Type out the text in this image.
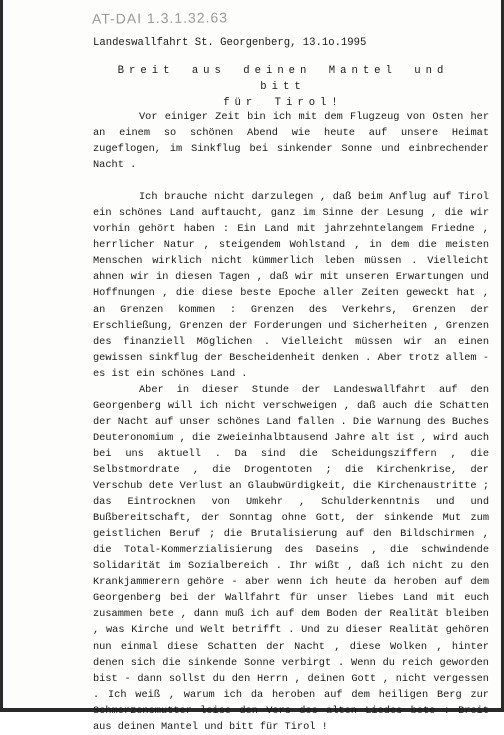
AT-DAI 1.3.1.32.63
Landeswallfahrt St. Georgenberg, 13.1o.1995
Breit aus deinen Mantel und bitt
für Tirol!

Vor einiger Zeit bin ich mit dem Flugzeug von Osten her an einem so schönen Abend wie heute auf unsere Heimat zugeflogen, im Sinkflug bei sinkender Sonne und einbrechender Nacht .

Ich brauche nicht darzulegen , daß beim Anflug auf Tirol ein schönes Land auftaucht, ganz im Sinne der Lesung , die wir vorhin gehört haben : Ein Land mit jahrzehntelangem Friedne , herrlicher Natur , steigendem Wohlstand , in dem die meisten Menschen wirklich nicht kümmerlich leben müssen . Vielleicht ahnen wir in diesen Tagen , daß wir mit unseren Erwartungen und Hoffnungen , die diese beste Epoche aller Zeiten geweckt hat , an Grenzen kommen : Grenzen des Verkehrs, Grenzen der Erschließung, Grenzen der Forderungen und Sicherheiten , Grenzen des finanziell Möglichen . Vielleicht müssen wir an einen gewissen sinkflug der Bescheidenheit denken . Aber trotz allem - es ist ein schönes Land .

Aber in dieser Stunde der Landeswallfahrt auf den Georgenberg will ich nicht verschweigen , daß auch die Schatten der Nacht auf unser schönes Land fallen . Die Warnung des Buches Deuteronomium , die zweieinhalbtausend Jahre alt ist , wird auch bei uns aktuell . Da sind die Scheidungsziffern , die Selbstmordrate , die Drogentoten ; die Kirchenkrise, der Verschub dete Verlust an Glaubwürdigkeit, die Kirchenaustritte ; das Eintrocknen von Umkehr , Schulderkenntnis und und Bußbereitschaft, der Sonntag ohne Gott, der sinkende Mut zum geistlichen Beruf ; die Brutalisierung auf den Bildschirmen , die Total-Kommerzialisierung des Daseins , die schwindende Solidarität im Sozialbereich . Ihr wißt , daß ich nicht zu den Krankjammerern gehöre - aber wenn ich heute da heroben auf dem Georgenberg bei der Wallfahrt für unser liebes Land mit euch zusammen bete , dann muß ich auf dem Boden der Realität bleiben , was Kirche und Welt betrifft . Und zu dieser Realität gehören nun einmal diese Schatten der Nacht , diese Wolken , hinter denen sich die sinkende Sonne verbirgt . Wenn du reich geworden bist - dann sollst du den Herrn , deinen Gott , nicht vergessen . Ich weiß , warum ich da heroben auf dem heiligen Berg zur Schmerzensmutter leise den Vers des alten Liedes bete : Breit aus deinen Mantel und bitt für Tirol !
